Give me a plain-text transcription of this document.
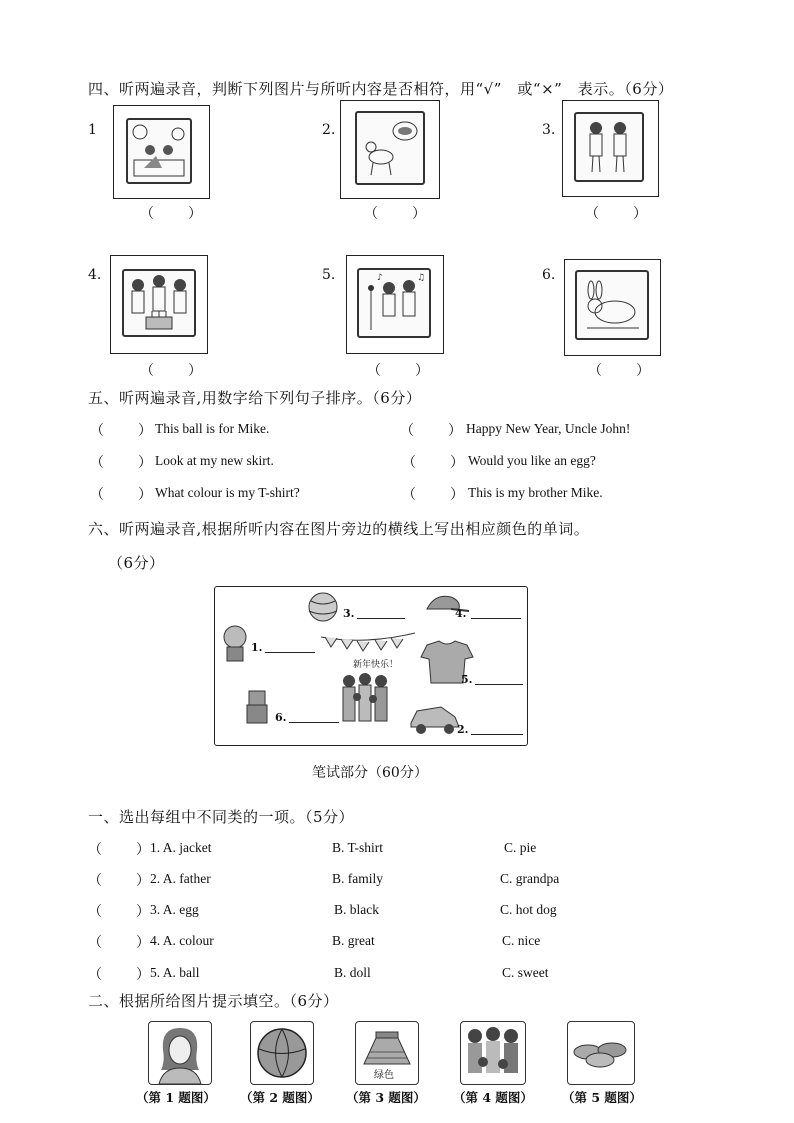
四、听两遍录音，判断下列图片与所听内容是否相符，用“√”　或“×”　表示。（6分）
1
（　　）
2.
（　　）
3.
（　　）
4.
（　　）
5.	♪	♫
（　　）
6.
（　　）
五、听两遍录音,用数字给下列句子排序。（6分）
（　　） This ball is for Mike.	（　　） Happy New Year, Uncle John!
（　　） Look at my new skirt.	（　　） Would you like an egg?
（　　） What colour is my T-shirt?	（　　） This is my brother Mike.
六、听两遍录音,根据所听内容在图片旁边的横线上写出相应颜色的单词。
（6分）
3.	4.
1.
新年快乐！
5.
6.
2.
笔试部分（60分）
一、选出每组中不同类的一项。（5分）
（　　）
1. A. jacket	B. T-shirt	C. pie
（　　）
2. A. father	B. family	C. grandpa
（　　）
3. A. egg	B. black	C. hot dog
（　　）
4. A. colour	B. great	C. nice
（　　）
5. A. ball	B. doll	C. sweet
二、根据所给图片提示填空。（6分）
绿色
（第 1 题图） （第 2 题图） （第 3 题图） （第 4 题图） （第 5 题图）
